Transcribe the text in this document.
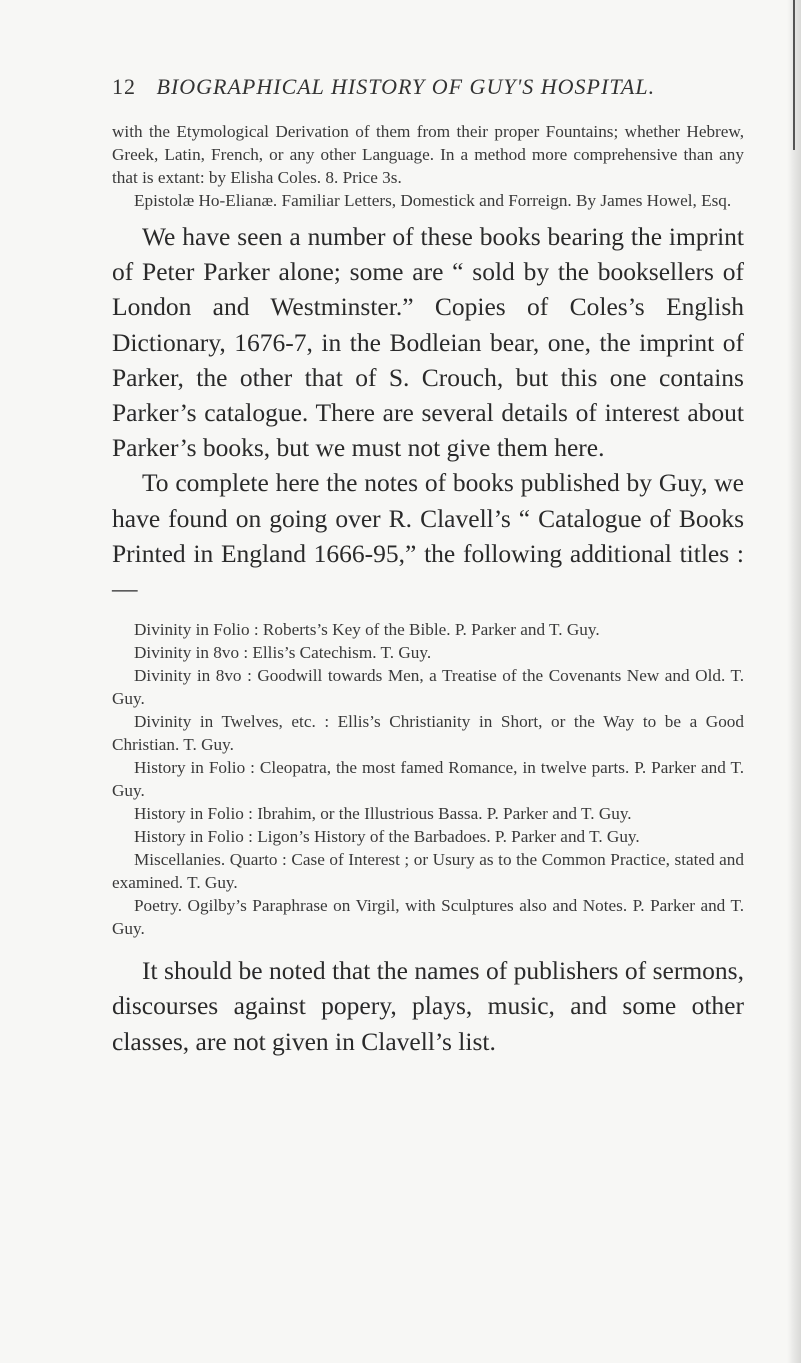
12 BIOGRAPHICAL HISTORY OF GUY'S HOSPITAL.

with the Etymological Derivation of them from their proper Fountains; whether Hebrew, Greek, Latin, French, or any other Language. In a method more comprehensive than any that is extant: by Elisha Coles. 8. Price 3s.

Epistolæ Ho-Elianæ. Familiar Letters, Domestick and Forreign. By James Howel, Esq.

We have seen a number of these books bearing the imprint of Peter Parker alone; some are “ sold by the booksellers of London and Westminster.” Copies of Coles’s English Dictionary, 1676-7, in the Bodleian bear, one, the imprint of Parker, the other that of S. Crouch, but this one contains Parker’s catalogue. There are several details of interest about Parker’s books, but we must not give them here.

To complete here the notes of books published by Guy, we have found on going over R. Clavell’s “ Catalogue of Books Printed in England 1666-95,” the following additional titles :—

Divinity in Folio : Roberts’s Key of the Bible. P. Parker and T. Guy.

Divinity in 8vo : Ellis’s Catechism. T. Guy.

Divinity in 8vo : Goodwill towards Men, a Treatise of the Covenants New and Old. T. Guy.

Divinity in Twelves, etc. : Ellis’s Christianity in Short, or the Way to be a Good Christian. T. Guy.

History in Folio : Cleopatra, the most famed Romance, in twelve parts. P. Parker and T. Guy.

History in Folio : Ibrahim, or the Illustrious Bassa. P. Parker and T. Guy.

History in Folio : Ligon’s History of the Barbadoes. P. Parker and T. Guy.

Miscellanies. Quarto : Case of Interest ; or Usury as to the Common Practice, stated and examined. T. Guy.

Poetry. Ogilby’s Paraphrase on Virgil, with Sculptures also and Notes. P. Parker and T. Guy.

It should be noted that the names of publishers of sermons, discourses against popery, plays, music, and some other classes, are not given in Clavell’s list.
